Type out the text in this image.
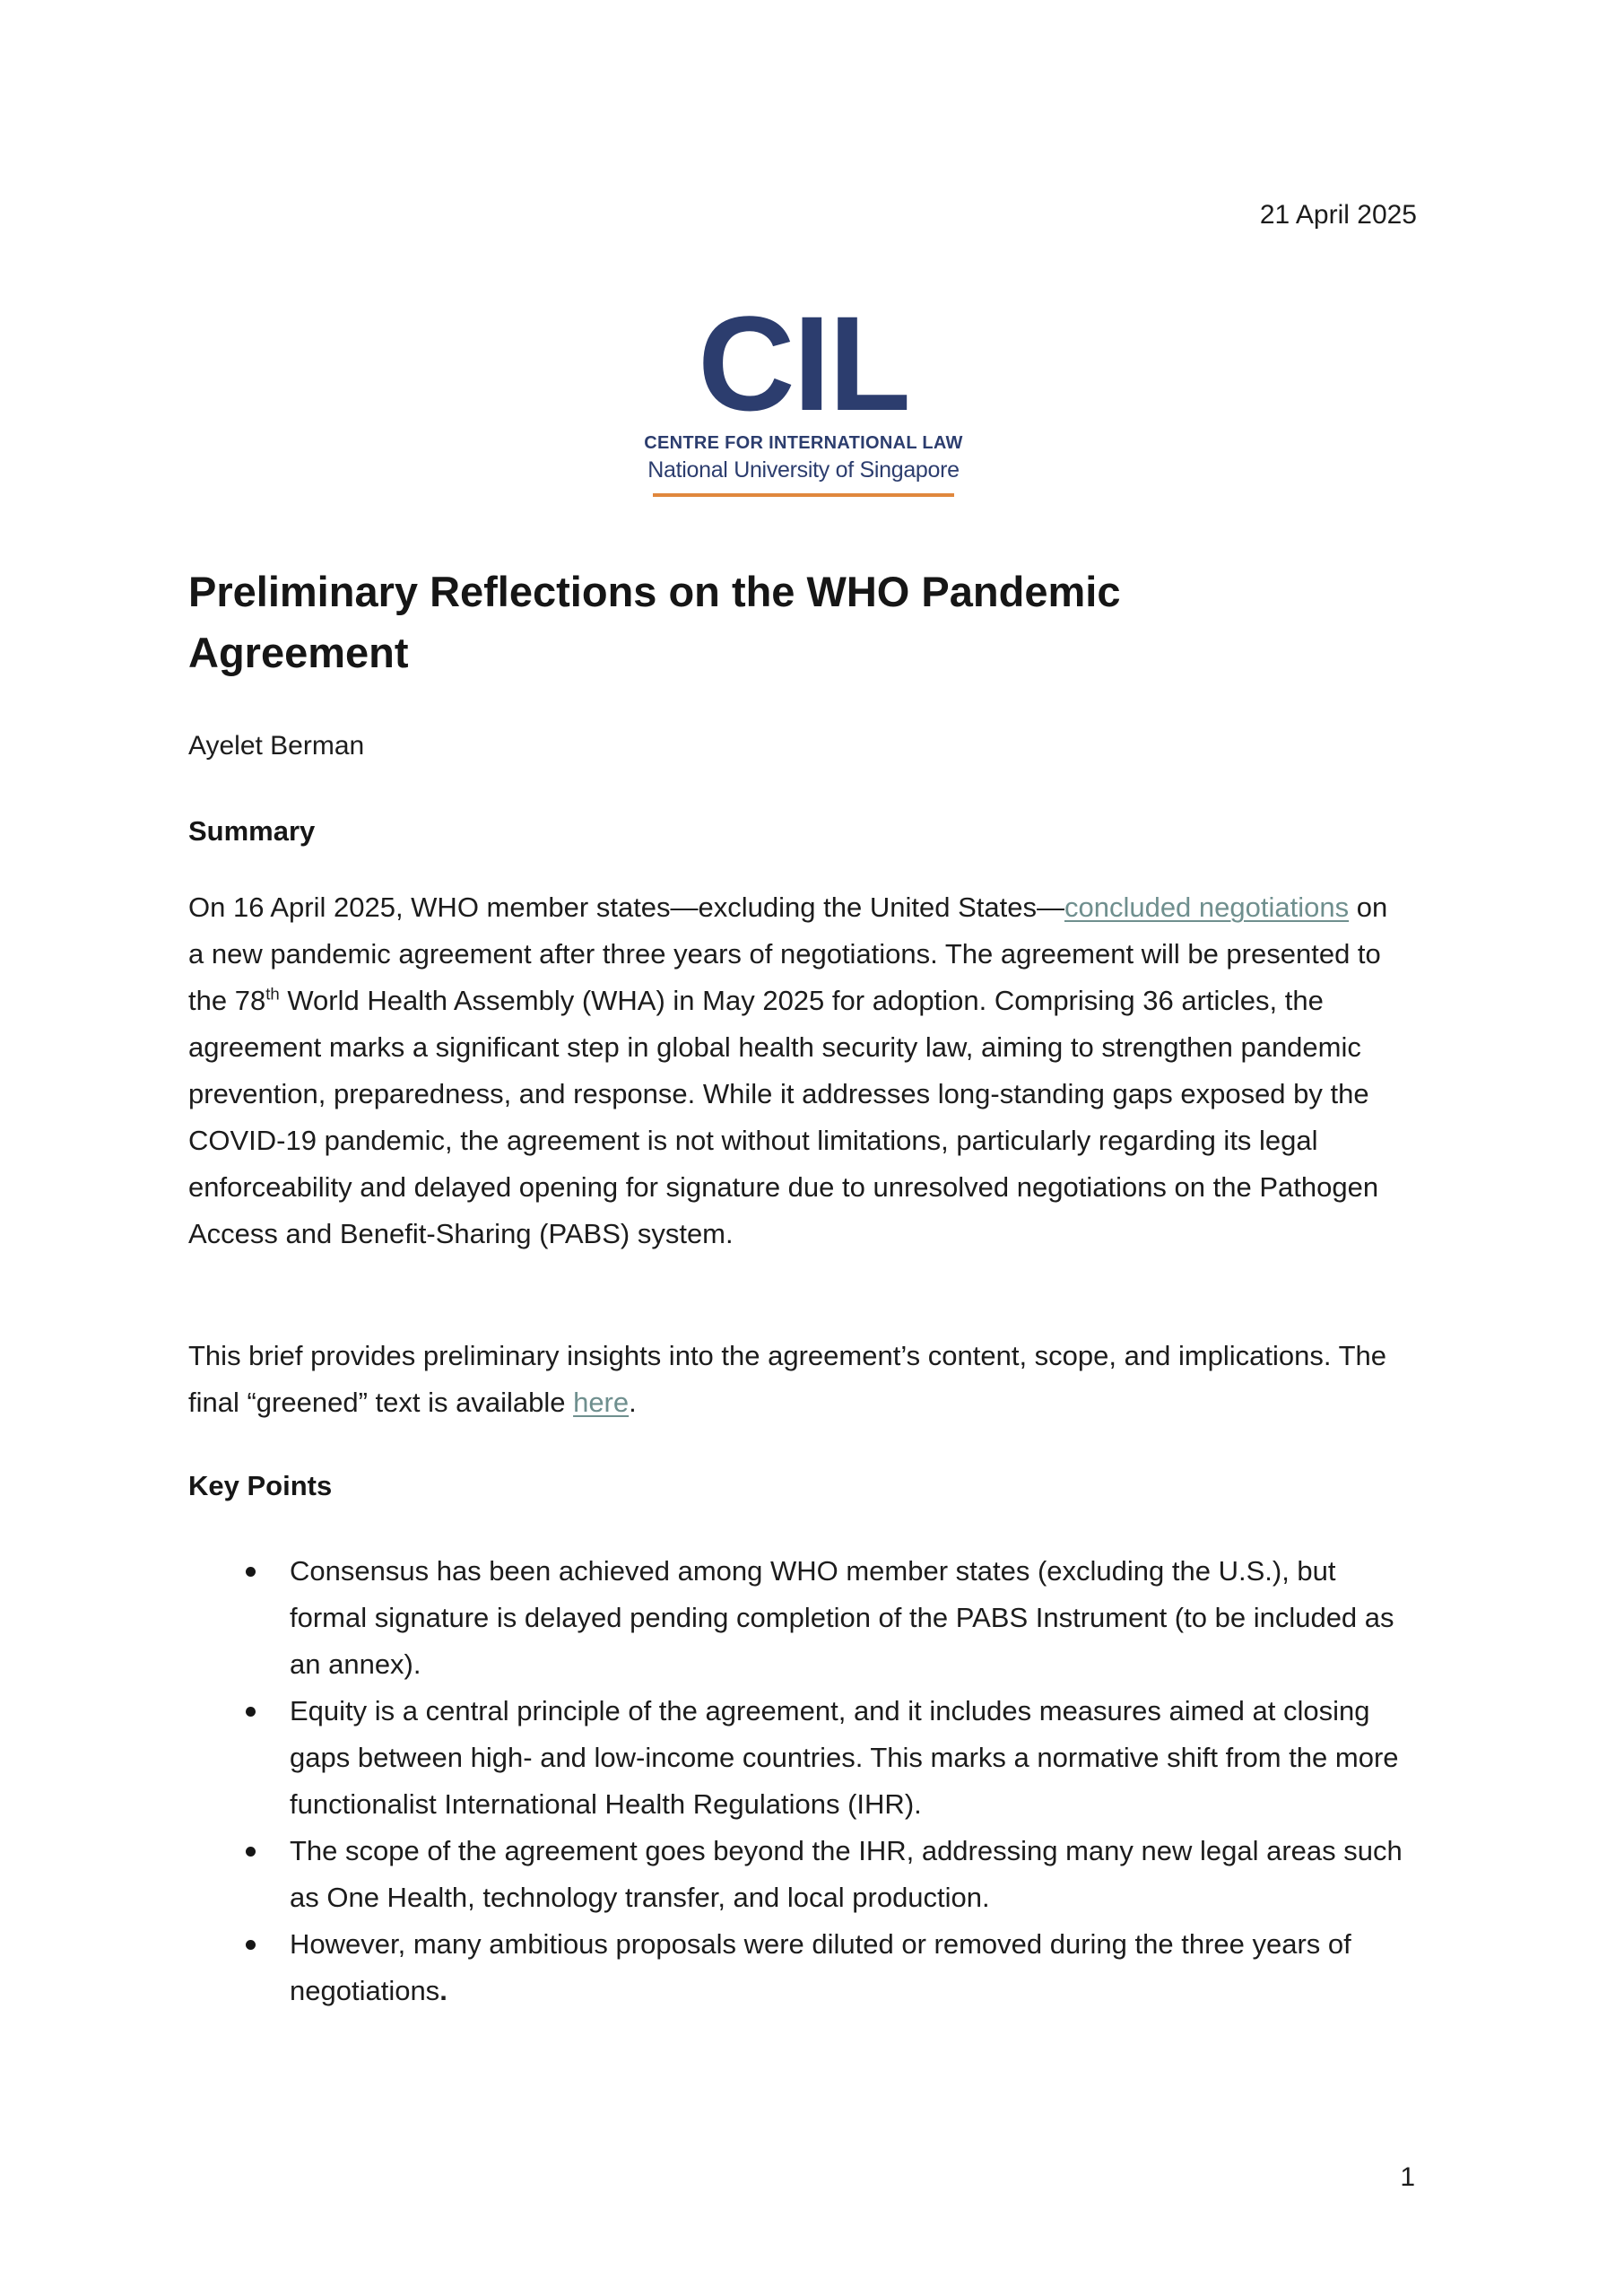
21 April 2025
CIL
CENTRE FOR INTERNATIONAL LAW
National University of Singapore
Preliminary Reflections on the WHO Pandemic Agreement
Ayelet Berman
Summary

On 16 April 2025, WHO member states—excluding the United States—concluded negotiations on a new pandemic agreement after three years of negotiations. The agreement will be presented to the 78th World Health Assembly (WHA) in May 2025 for adoption. Comprising 36 articles, the agreement marks a significant step in global health security law, aiming to strengthen pandemic prevention, preparedness, and response. While it addresses long-standing gaps exposed by the COVID-19 pandemic, the agreement is not without limitations, particularly regarding its legal enforceability and delayed opening for signature due to unresolved negotiations on the Pathogen Access and Benefit-Sharing (PABS) system.

This brief provides preliminary insights into the agreement’s content, scope, and implications. The final “greened” text is available here.

Key Points
Consensus has been achieved among WHO member states (excluding the U.S.), but formal signature is delayed pending completion of the PABS Instrument (to be included as an annex).
Equity is a central principle of the agreement, and it includes measures aimed at closing gaps between high- and low-income countries. This marks a normative shift from the more functionalist International Health Regulations (IHR).
The scope of the agreement goes beyond the IHR, addressing many new legal areas such as One Health, technology transfer, and local production.
However, many ambitious proposals were diluted or removed during the three years of negotiations.
1
